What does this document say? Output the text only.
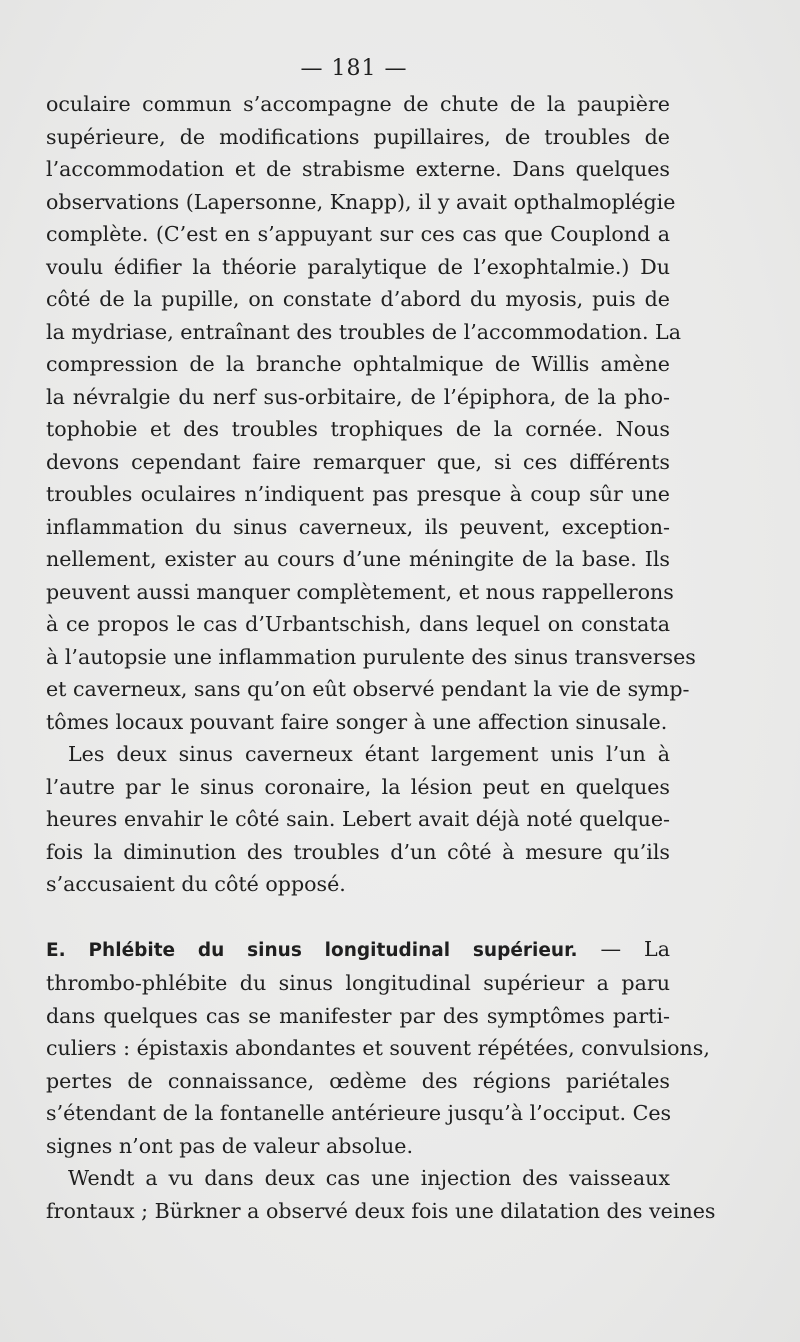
— 181 —
oculaire commun s’accompagne de chute de la paupière
supérieure, de modifications pupillaires, de troubles de
l’accommodation et de strabisme externe. Dans quelques
observations (Lapersonne, Knapp), il y avait opthalmoplégie
complète. (C’est en s’appuyant sur ces cas que Couplond a
voulu édifier la théorie paralytique de l’exophtalmie.) Du
côté de la pupille, on constate d’abord du myosis, puis de
la mydriase, entraînant des troubles de l’accommodation. La
compression de la branche ophtalmique de Willis amène
la névralgie du nerf sus-orbitaire, de l’épiphora, de la pho-
tophobie et des troubles trophiques de la cornée. Nous
devons cependant faire remarquer que, si ces différents
troubles oculaires n’indiquent pas presque à coup sûr une
inflammation du sinus caverneux, ils peuvent, exception-
nellement, exister au cours d’une méningite de la base. Ils
peuvent aussi manquer complètement, et nous rappellerons
à ce propos le cas d’Urbantschish, dans lequel on constata
à l’autopsie une inflammation purulente des sinus transverses
et caverneux, sans qu’on eût observé pendant la vie de symp-
tômes locaux pouvant faire songer à une affection sinusale.
Les deux sinus caverneux étant largement unis l’un à
l’autre par le sinus coronaire, la lésion peut en quelques
heures envahir le côté sain. Lebert avait déjà noté quelque-
fois la diminution des troubles d’un côté à mesure qu’ils
s’accusaient du côté opposé.
E. Phlébite du sinus longitudinal supérieur. — La
thrombo-phlébite du sinus longitudinal supérieur a paru
dans quelques cas se manifester par des symptômes parti-
culiers : épistaxis abondantes et souvent répétées, convulsions,
pertes de connaissance, œdème des régions pariétales
s’étendant de la fontanelle antérieure jusqu’à l’occiput. Ces
signes n’ont pas de valeur absolue.
Wendt a vu dans deux cas une injection des vaisseaux
frontaux ; Bürkner a observé deux fois une dilatation des veines
